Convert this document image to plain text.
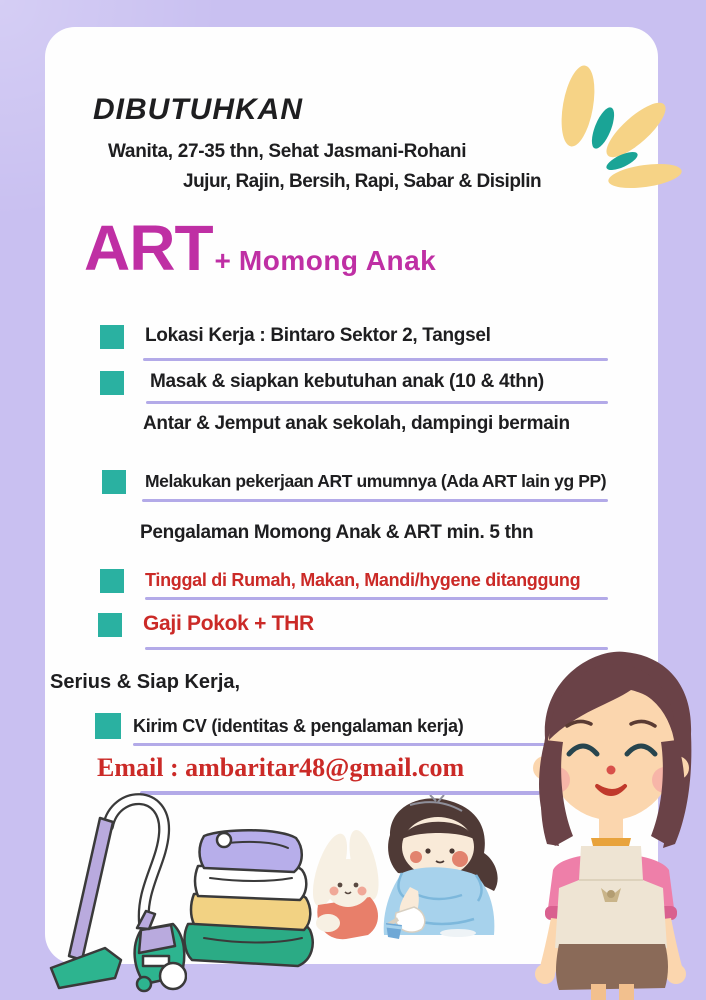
DIBUTUHKAN
Wanita, 27-35 thn, Sehat Jasmani-Rohani
Jujur, Rajin, Bersih, Rapi, Sabar & Disiplin
ART+ Momong Anak
Lokasi Kerja : Bintaro Sektor 2, Tangsel
Masak & siapkan kebutuhan anak (10 & 4thn)
Antar & Jemput anak sekolah, dampingi bermain
Melakukan pekerjaan ART umumnya (Ada ART lain yg PP)
Pengalaman Momong Anak & ART min. 5 thn
Tinggal di Rumah, Makan, Mandi/hygene ditanggung
Gaji Pokok + THR
Serius & Siap Kerja,
Kirim CV (identitas & pengalaman kerja)
Email : ambaritar48@gmail.com
